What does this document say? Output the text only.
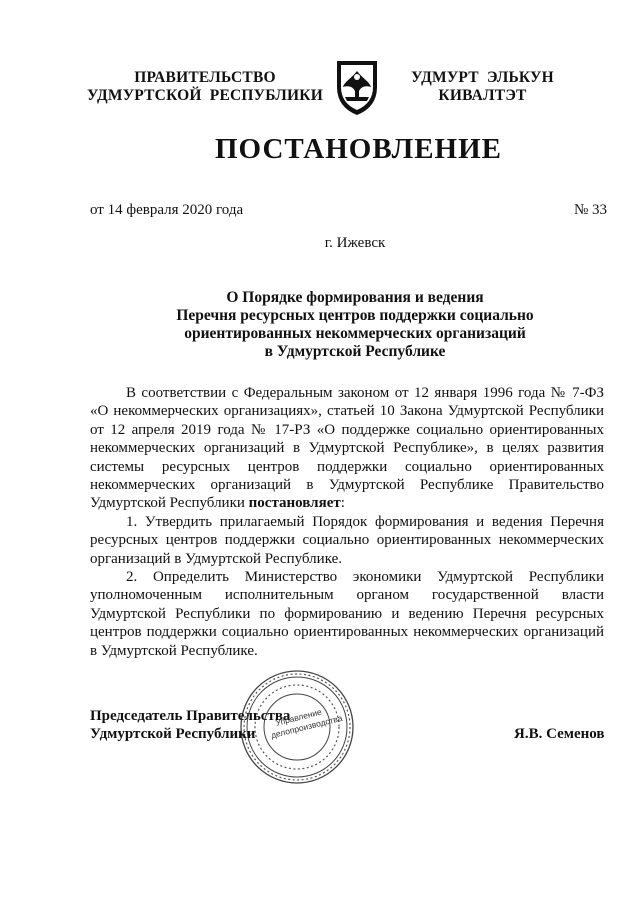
ПРАВИТЕЛЬСТВО
УДМУРТСКОЙ  РЕСПУБЛИКИ
УДМУРТ  ЭЛЬКУН
КИВАЛТЭТ
ПОСТАНОВЛЕНИЕ
от 14 февраля 2020 года	№ 33
г. Ижевск
О Порядке формирования и ведения
Перечня ресурсных центров поддержки социально
ориентированных некоммерческих организаций
в Удмуртской Республике
В соответствии с Федеральным законом от 12 января 1996 года № 7-ФЗ «О некоммерческих организациях», статьей 10 Закона Удмуртской Республики от 12 апреля 2019 года № 17-РЗ «О поддержке социально ориентированных некоммерческих организаций в Удмуртской Республике», в целях развития системы ресурсных центров поддержки социально ориентированных некоммерческих организаций в Удмуртской Республике Правительство Удмуртской Республики постановляет:
1. Утвердить прилагаемый Порядок формирования и ведения Перечня ресурсных центров поддержки социально ориентированных некоммерческих организаций в Удмуртской Республике.
2. Определить Министерство экономики Удмуртской Республики уполномоченным исполнительным органом государственной власти Удмуртской Республики по формированию и ведению Перечня ресурсных центров поддержки социально ориентированных некоммерческих организаций в Удмуртской Республике.
Управление делопроизводства
Председатель Правительства
Удмуртской Республики	Я.В. Семенов
